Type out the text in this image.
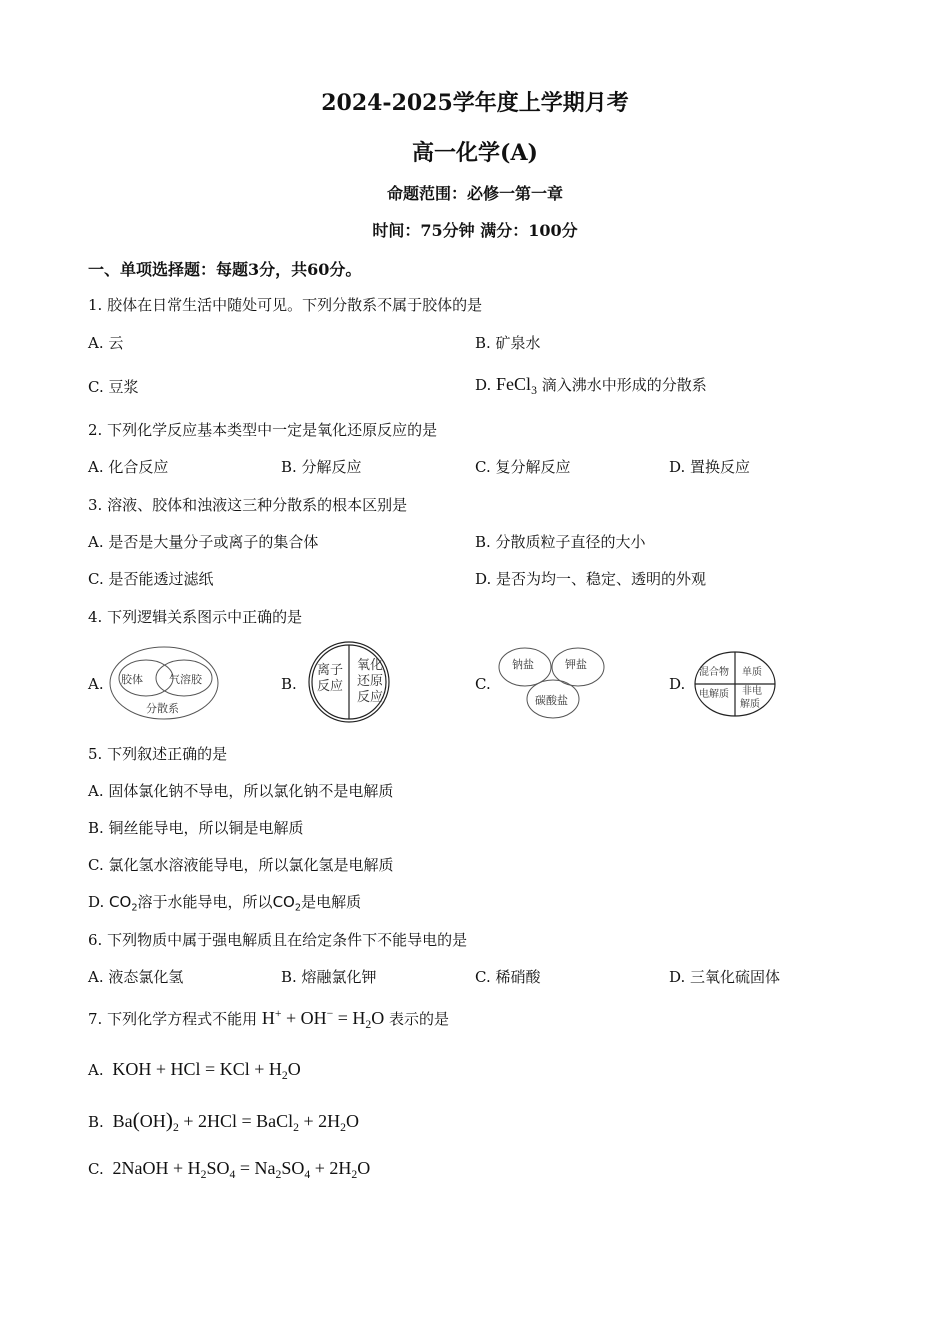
2024-2025学年度上学期月考
高一化学(A)
命题范围：必修一第一章
时间：75分钟 满分：100分
一、单项选择题：每题3分，共60分。
1. 胶体在日常生活中随处可见。下列分散系不属于胶体的是
A. 云	B. 矿泉水
C. 豆浆	D. FeCl$_3$ 滴入沸水中形成的分散系
2. 下列化学反应基本类型中一定是氧化还原反应的是
A. 化合反应	B. 分解反应	C. 复分解反应	D. 置换反应
3. 溶液、胶体和浊液这三种分散系的根本区别是
A. 是否是大量分子或离子的集合体	B. 分散质粒子直径的大小
C. 是否能透过滤纸	D. 是否为均一、稳定、透明的外观
4. 下列逻辑关系图示中正确的是
A.	B.	C.	D.
胶体 气溶胶
分散系
离子
反应
氧化
还原
反应
钠盐	钾盐
碳酸盐
混合物 单质
电解质 非电
解质
5. 下列叙述正确的是
A. 固体氯化钠不导电，所以氯化钠不是电解质
B. 铜丝能导电，所以铜是电解质
C. 氯化氢水溶液能导电，所以氯化氢是电解质
D. $CO_2$溶于水能导电，所以$CO_2$是电解质
6. 下列物质中属于强电解质且在给定条件下不能导电的是
A. 液态氯化氢	B. 熔融氯化钾	C. 稀硝酸	D. 三氧化硫固体
7. 下列化学方程式不能用 $H^+ + OH^- = H_2O$ 表示的是
A. KOH + HCl = KCl + $H_2O$
B. $Ba(OH)_2 + 2HCl$ = BaCl$_2$ + $2H_2O$
C. 2NaOH + $H_2SO_4 = Na_2SO_4 + 2H_2O$
